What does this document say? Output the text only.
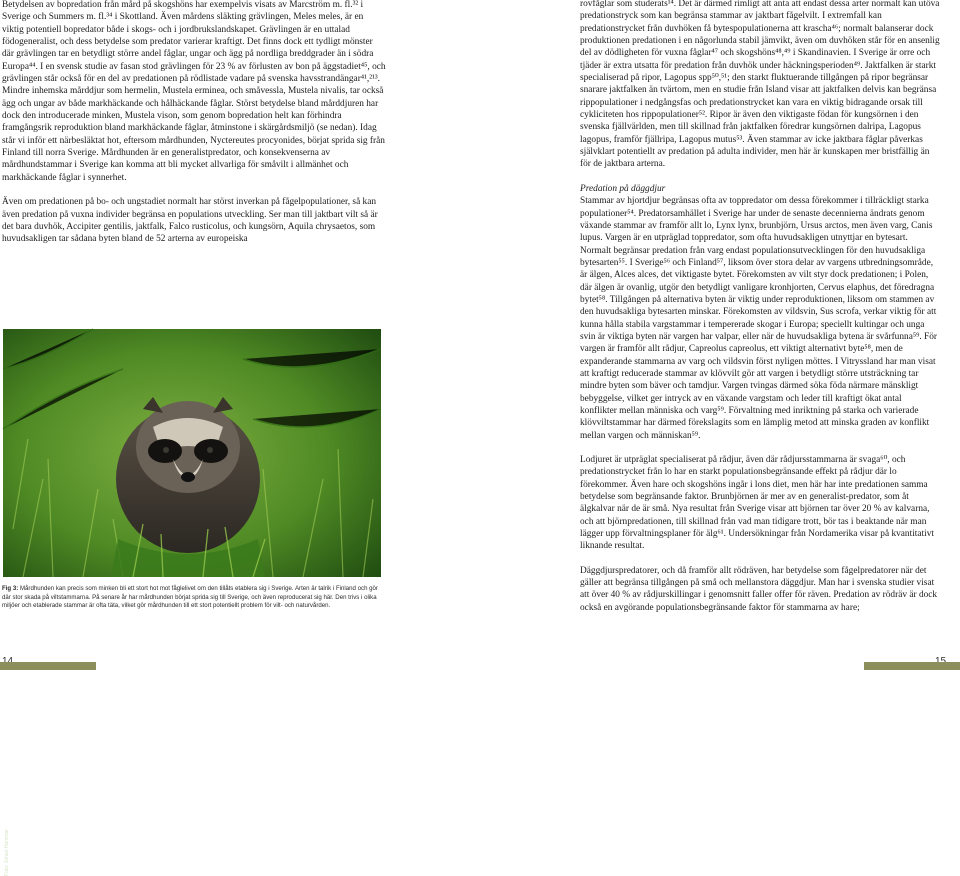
Betydelsen av bopredation från mård på skogshöns har exempelvis visats av Marcström m. fl.³² i Sverige och Summers m. fl.³⁴ i Skottland. Även mårdens släkting grävlingen, Meles meles, är en viktig potentiell bopredator både i skogs- och i jordbrukslandskapet. Grävlingen är en uttalad födogeneralist, och dess betydelse som predator varierar kraftigt. Det finns dock ett tydligt mönster där grävlingen tar en betydligt större andel fåglar, ungar och ägg på nordliga breddgrader än i södra Europa⁴⁴. I en svensk studie av fasan stod grävlingen för 23 % av förlusten av bon på äggstadiet⁴⁵, och grävlingen står också för en del av predationen på rödlistade vadare på svenska havsstrandängar⁴¹,²¹³. Mindre inhemska mårddjur som hermelin, Mustela erminea, och småvessla, Mustela nivalis, tar också ägg och ungar av både markhäckande och hålhäckande fåglar. Störst betydelse bland mårddjuren har dock den introducerade minken, Mustela vison, som genom bopredation helt kan förhindra framgångsrik reproduktion bland markhäckande fåglar, åtminstone i skärgårdsmiljö (se nedan). Idag står vi inför ett närbesläktat hot, eftersom mårdhunden, Nyctereutes procyonides, börjat sprida sig från Finland till norra Sverige. Mårdhunden är en generalistpredator, och konsekvenserna av mårdhundstammar i Sverige kan komma att bli mycket allvarliga för småvilt i allmänhet och markhäckande fåglar i synnerhet.

Även om predationen på bo- och ungstadiet normalt har störst inverkan på fågelpopulationer, så kan även predation på vuxna individer begränsa en populations utveckling. Ser man till jaktbart vilt så är det bara duvhök, Accipiter gentilis, jaktfalk, Falco rusticolus, och kungsörn, Aquila chrysaetos, som huvudsakligen tar sådana byten bland de 52 arterna av europeiska

Foto: Johan Hammar
Fig 3: Mårdhunden kan precis som minken bli ett stort hot mot fåglelivet om den tillåts etablera sig i Sverige. Arten är talrik i Finland och gör där stor skada på viltstammarna. På senare år har mårdhunden börjat sprida sig till Sverige, och även reproducerat sig här. Den trivs i olika miljöer och etablerade stammar är ofta täta, vilket gör mårdhunden till ett stort potentiellt problem för vilt- och naturvården.

rovfåglar som studerats¹⁴. Det är därmed rimligt att anta att endast dessa arter normalt kan utöva predationstryck som kan begränsa stammar av jaktbart fågelvilt. I extremfall kan predationstrycket från duvhöken få bytespopulationerna att krascha⁴⁶; normalt balanserar dock produktionen predationen i en någorlunda stabil jämvikt, även om duvhöken står för en ansenlig del av dödligheten för vuxna fåglar⁴⁷ och skogshöns⁴⁸,⁴⁹ i Skandinavien. I Sverige är orre och tjäder är extra utsatta för predation från duvhök under häckningsperioden⁴⁹. Jaktfalken är starkt specialiserad på ripor, Lagopus spp⁵⁰,⁵¹; den starkt fluktuerande tillgången på ripor begränsar snarare jaktfalken än tvärtom, men en studie från Island visar att jaktfalken delvis kan begränsa rippopulationer i nedgångsfas och predationstrycket kan vara en viktig bidragande orsak till cykliciteten hos rippopulationer⁵². Ripor är även den viktigaste födan för kungsörnen i den svenska fjällvärlden, men till skillnad från jaktfalken föredrar kungsörnen dalripa, Lagopus lagopus, framför fjällripa, Lagopus mutus⁵³. Även stammar av icke jaktbara fåglar påverkas självklart potentiellt av predation på adulta individer, men här är kunskapen mer bristfällig än för de jaktbara arterna.

Predation på däggdjur

Stammar av hjortdjur begränsas ofta av toppredator om dessa förekommer i tillräckligt starka populationer⁵⁴. Predatorsamhället i Sverige har under de senaste decennierna ändrats genom växande stammar av framför allt lo, Lynx lynx, brunbjörn, Ursus arctos, men även varg, Canis lupus. Vargen är en utpräglad toppredator, som ofta huvudsakligen utnyttjar en bytesart. Normalt begränsar predation från varg endast populationsutvecklingen för den huvudsakliga bytesarten⁵⁵. I Sverige⁵⁶ och Finland⁵⁷, liksom över stora delar av vargens utbredningsområde, är älgen, Alces alces, det viktigaste bytet. Förekomsten av vilt styr dock predationen; i Polen, där älgen är ovanlig, utgör den betydligt vanligare kronhjorten, Cervus elaphus, det föredragna bytet⁵⁸. Tillgången på alternativa byten är viktig under reproduktionen, liksom om stammen av den huvudsakliga bytesarten minskar. Förekomsten av vildsvin, Sus scrofa, verkar viktig för att kunna hålla stabila vargstammar i tempererade skogar i Europa; speciellt kultingar och unga svin är viktiga byten när vargen har valpar, eller när de huvudsakliga bytena är svårfunna⁵⁹. För vargen är framför allt rådjur, Capreolus capreolus, ett viktigt alternativt byte⁵⁸, men de expanderande stammarna av varg och vildsvin först nyligen möttes. I Vitryssland har man visat att kraftigt reducerade stammar av klövvilt gör att vargen i betydligt större utsträckning tar mindre byten som bäver och tamdjur. Vargen tvingas därmed söka föda närmare mänskligt bebyggelse, vilket ger intryck av en växande vargstam och leder till kraftigt ökat antal konflikter mellan människa och varg⁵⁹. Förvaltning med inriktning på starka och varierade klövviltstammar har därmed förekslagits som en lämplig metod att minska graden av konflikt mellan vargen och människan⁵⁹.

Lodjuret är utpräglat specialiserat på rådjur, även där rådjursstammarna är svaga⁶⁰, och predationstrycket från lo har en starkt populationsbegränsande effekt på rådjur där lo förekommer. Även hare och skogshöns ingår i lons diet, men här har inte predationen samma betydelse som begränsande faktor. Brunbjörnen är mer av en generalist-predator, som åt älgkalvar när de är små. Nya resultat från Sverige visar att björnen tar över 20 % av kalvarna, och att björnpredationen, till skillnad från vad man tidigare trott, bör tas i beaktande när man lägger upp förvaltningsplaner för älg⁶¹. Undersökningar från Nordamerika visar på kvantitativt liknande resultat.

Däggdjurspredatorer, och då framför allt rödräven, har betydelse som fågelpredatorer när det gäller att begränsa tillgången på små och mellanstora däggdjur. Man har i svenska studier visat att över 40 % av rådjurskillingar i genomsnitt faller offer för räven. Predation av rödräv är dock också en avgörande populationsbegränsande faktor för stammarna av hare;
